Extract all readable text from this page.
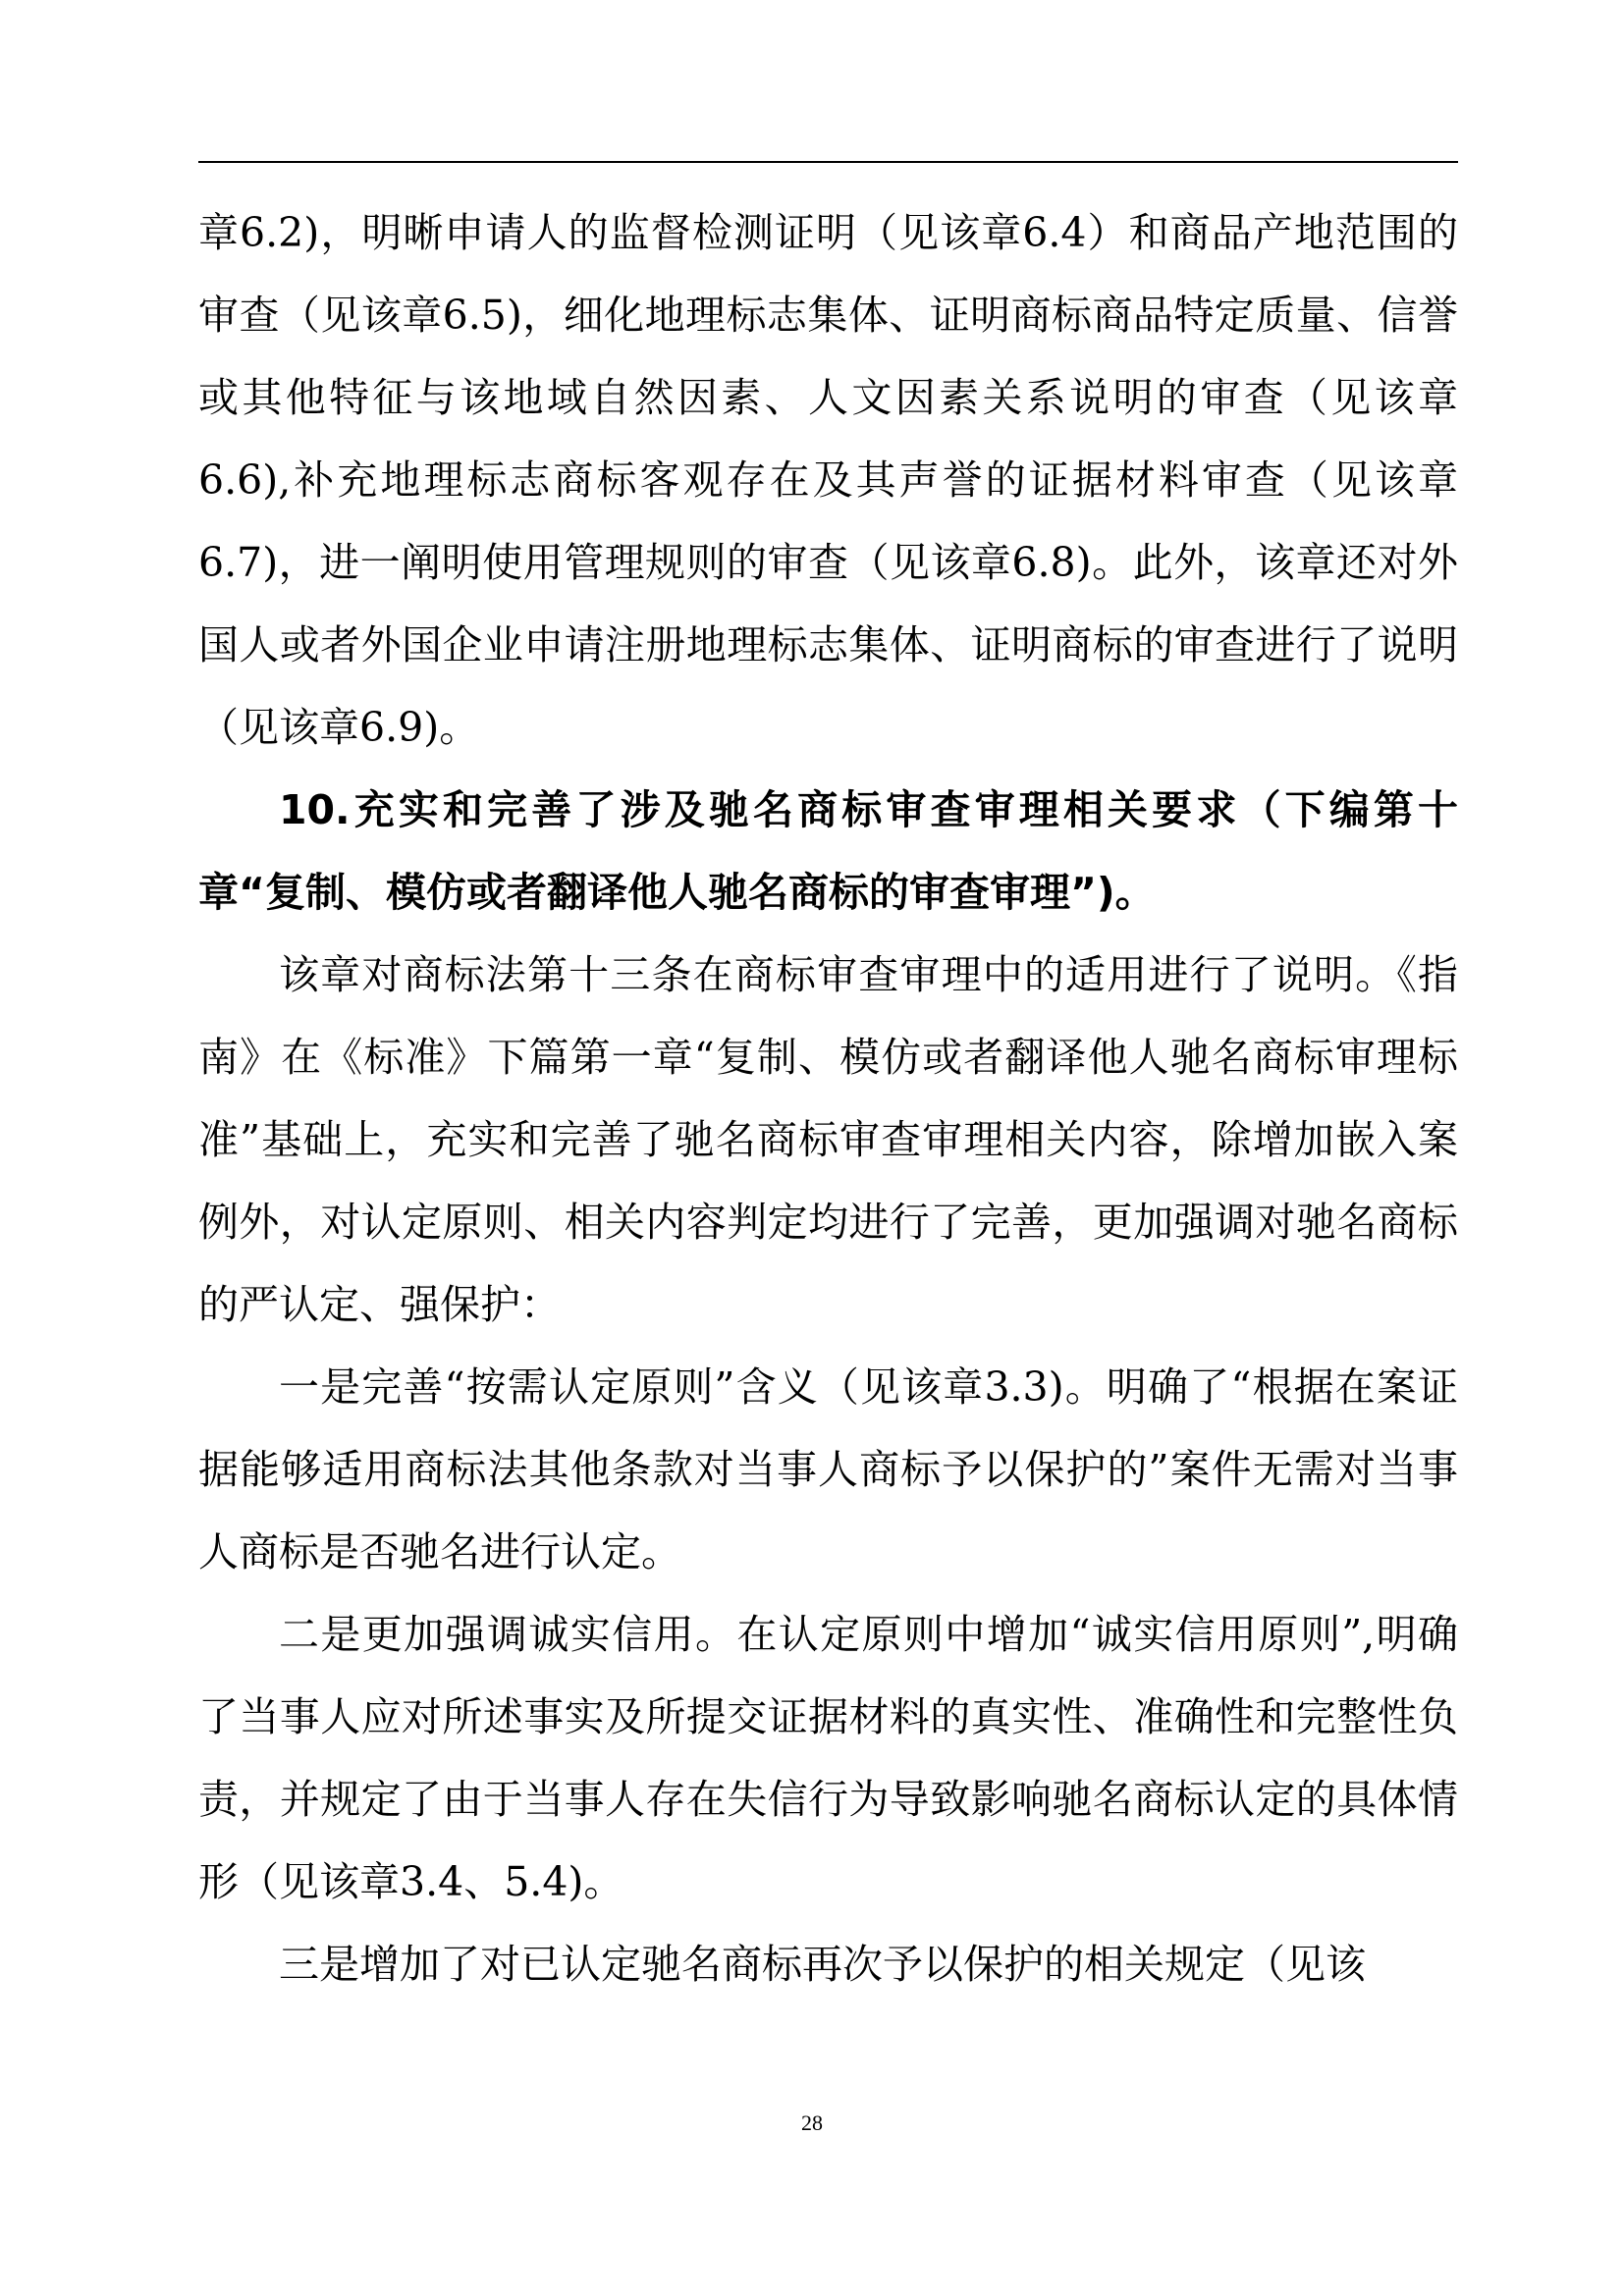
章6.2)，明晰申请人的监督检测证明（见该章6.4）和商品产地范围的审查（见该章6.5)，细化地理标志集体、证明商标商品特定质量、信誉或其他特征与该地域自然因素、人文因素关系说明的审查（见该章6.6),补充地理标志商标客观存在及其声誉的证据材料审查（见该章6.7)，进一阐明使用管理规则的审查（见该章6.8)。此外，该章还对外国人或者外国企业申请注册地理标志集体、证明商标的审查进行了说明（见该章6.9)。

10.充实和完善了涉及驰名商标审查审理相关要求（下编第十章“复制、模仿或者翻译他人驰名商标的审查审理”)。

该章对商标法第十三条在商标审查审理中的适用进行了说明。《指南》在《标准》下篇第一章“复制、模仿或者翻译他人驰名商标审理标准”基础上，充实和完善了驰名商标审查审理相关内容，除增加嵌入案例外，对认定原则、相关内容判定均进行了完善，更加强调对驰名商标的严认定、强保护：

一是完善“按需认定原则”含义（见该章3.3)。明确了“根据在案证据能够适用商标法其他条款对当事人商标予以保护的”案件无需对当事人商标是否驰名进行认定。

二是更加强调诚实信用。在认定原则中增加“诚实信用原则”,明确了当事人应对所述事实及所提交证据材料的真实性、准确性和完整性负责，并规定了由于当事人存在失信行为导致影响驰名商标认定的具体情形（见该章3.4、5.4)。

三是增加了对已认定驰名商标再次予以保护的相关规定（见该

28
